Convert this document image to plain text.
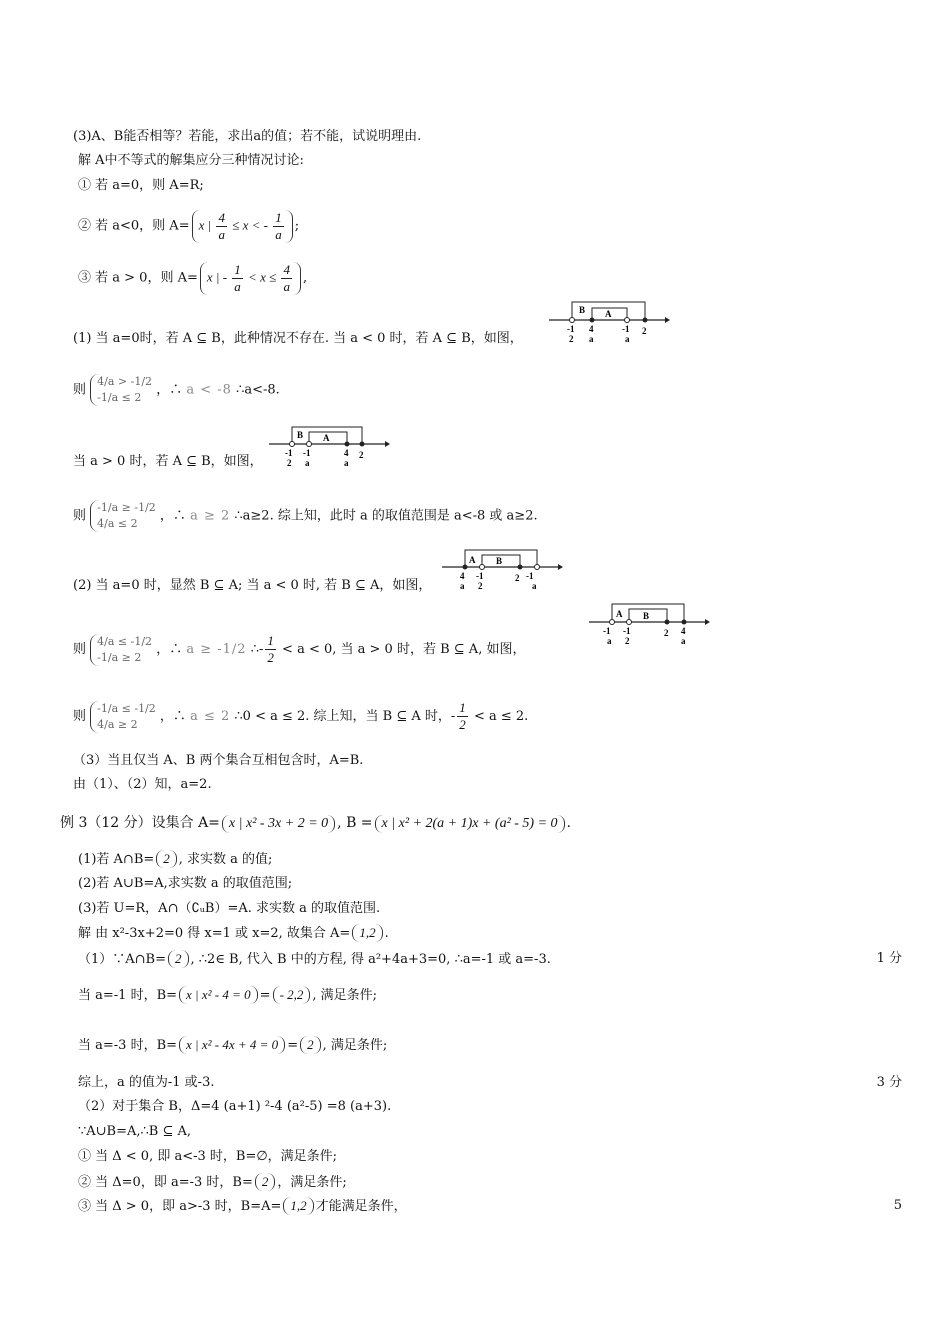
(3)A、B能否相等？若能，求出a的值；若不能，试说明理由.
解 A中不等式的解集应分三种情况讨论:
① 若 a=0，则 A=R;
② 若 a<0，则 A= x | $\frac{4}{a} \le x$ < - $\frac{1}{a}$ ;
③ 若 a > 0，则 A= x | - $\frac{1}{a} < x \le \frac{4}{a}$ ,
(1) 当 a=0时，若 A ⊆ B，此种情况不存在. 当 a < 0 时，若 A ⊆ B，如图，
B A
-1
2
4
a
-1
a
2
则 4/a > -1/2
-1/a ≤ 2 ，∴ a < -8 ∴a<-8.
当 a > 0 时，若 A ⊆ B，如图，
B A
-1
2
-1
a
4
a
2
则 -1/a ≥ -1/2
4/a ≤ 2 ，∴ a ≥ 2 ∴a≥2. 综上知，此时 a 的取值范围是 a<-8 或 a≥2.
(2) 当 a=0 时，显然 B ⊆ A; 当 a < 0 时, 若 B ⊆ A，如图，
A B
4
a
-1
2
2 -1
a
则 4/a ≤ -1/2
-1/a ≥ 2 ，∴ a ≥ -1/2 ∴- $\frac{1}{2} < a < 0$, 当 a > 0 时，若 B ⊆ A, 如图，
A B
-1
a
-1
2
2 4
a
则 -1/a ≤ -1/2
4/a ≥ 2 ，∴ a ≤ 2 ∴0 < a ≤ 2. 综上知，当 B ⊆ A 时，- $\frac{1}{2} < a \le 2$.
（3）当且仅当 A、B 两个集合互相包含时，A=B.
由（1）、（2）知，a=2.
例 3（12 分）设集合 A= x | x² - 3x + 2 = 0 , B = x | x² + 2(a + 1)x + (a² - 5) = 0 .
(1)若 A∩B= 2 , 求实数 a 的值;
(2)若 A∪B=A,求实数 a 的取值范围;
(3)若 U=R，A∩（∁ᵤB）=A. 求实数 a 的取值范围.
解 由 x²-3x+2=0 得 x=1 或 x=2, 故集合 A= 1,2 .
（1）∵A∩B= 2 , ∴2∈ B, 代入 B 中的方程, 得 a²+4a+3=0, ∴a=-1 或 a=-3.	1 分
当 a=-1 时，B= x | x² - 4 = 0 = - 2,2 , 满足条件;
当 a=-3 时，B= x | x² - 4x + 4 = 0 = 2 , 满足条件;
综上，a 的值为-1 或-3.	3 分
（2）对于集合 B，Δ=4 (a+1) ²-4 (a²-5) =8 (a+3).
∵A∪B=A,∴B ⊆ A,
① 当 Δ < 0, 即 a<-3 时，B=∅，满足条件;
② 当 Δ=0，即 a=-3 时，B= 2 ，满足条件;
③ 当 Δ > 0，即 a>-3 时，B=A= 1,2 才能满足条件，	5
